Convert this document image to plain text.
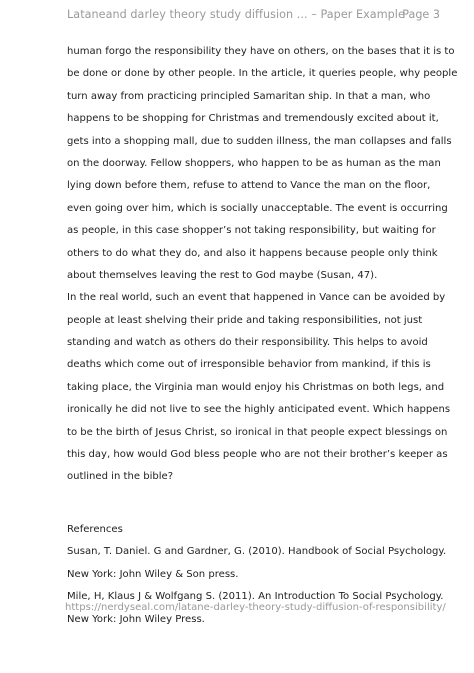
Lataneand darley theory study diffusion ... – Paper Example
Page 3
human forgo the responsibility they have on others, on the bases that it is to
be done or done by other people. In the article, it queries people, why people
turn away from practicing principled Samaritan ship. In that a man, who
happens to be shopping for Christmas and tremendously excited about it,
gets into a shopping mall, due to sudden illness, the man collapses and falls
on the doorway. Fellow shoppers, who happen to be as human as the man
lying down before them, refuse to attend to Vance the man on the floor,
even going over him, which is socially unacceptable. The event is occurring
as people, in this case shopper’s not taking responsibility, but waiting for
others to do what they do, and also it happens because people only think
about themselves leaving the rest to God maybe (Susan, 47).
In the real world, such an event that happened in Vance can be avoided by
people at least shelving their pride and taking responsibilities, not just
standing and watch as others do their responsibility. This helps to avoid
deaths which come out of irresponsible behavior from mankind, if this is
taking place, the Virginia man would enjoy his Christmas on both legs, and
ironically he did not live to see the highly anticipated event. Which happens
to be the birth of Jesus Christ, so ironical in that people expect blessings on
this day, how would God bless people who are not their brother’s keeper as
outlined in the bible?
References
Susan, T. Daniel. G and Gardner, G. (2010). Handbook of Social Psychology.
New York: John Wiley & Son press.
Mile, H, Klaus J & Wolfgang S. (2011). An Introduction To Social Psychology.
New York: John Wiley Press.
https://nerdyseal.com/latane-darley-theory-study-diffusion-of-responsibility/
